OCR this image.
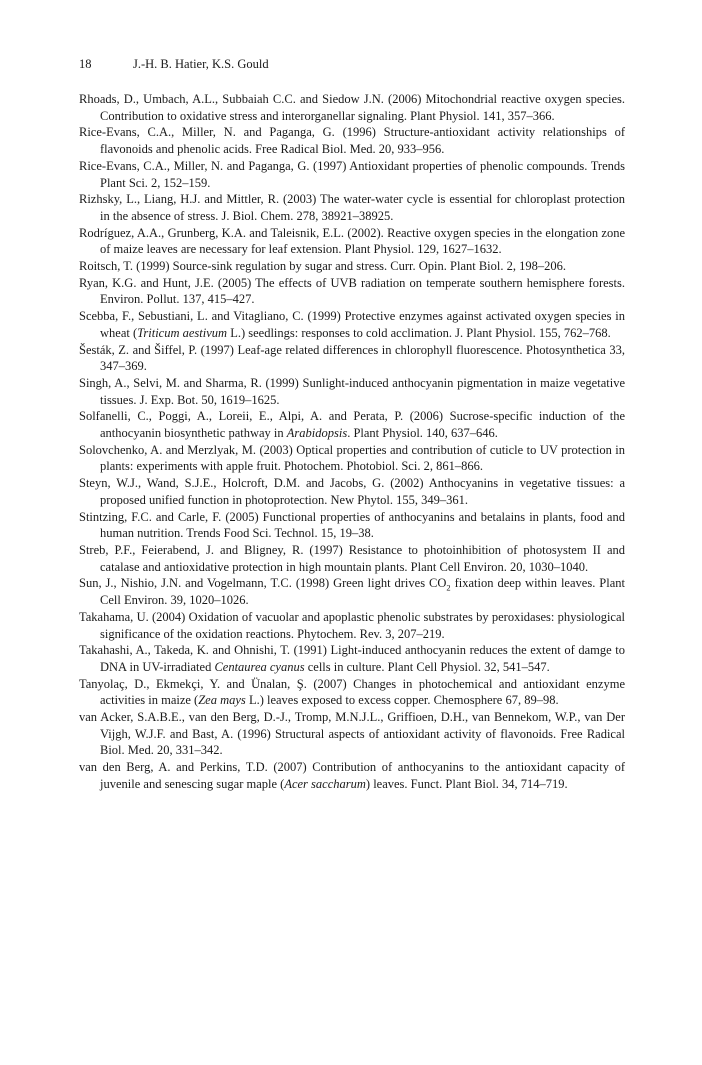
18	J.-H. B. Hatier, K.S. Gould
Rhoads, D., Umbach, A.L., Subbaiah C.C. and Siedow J.N. (2006) Mitochondrial reactive oxygen species. Contribution to oxidative stress and interorganellar signaling. Plant Physiol. 141, 357–366.
Rice-Evans, C.A., Miller, N. and Paganga, G. (1996) Structure-antioxidant activity relationships of flavonoids and phenolic acids. Free Radical Biol. Med. 20, 933–956.
Rice-Evans, C.A., Miller, N. and Paganga, G. (1997) Antioxidant properties of phenolic compounds. Trends Plant Sci. 2, 152–159.
Rizhsky, L., Liang, H.J. and Mittler, R. (2003) The water-water cycle is essential for chloroplast protection in the absence of stress. J. Biol. Chem. 278, 38921–38925.
Rodríguez, A.A., Grunberg, K.A. and Taleisnik, E.L. (2002). Reactive oxygen species in the elongation zone of maize leaves are necessary for leaf extension. Plant Physiol. 129, 1627–1632.
Roitsch, T. (1999) Source-sink regulation by sugar and stress. Curr. Opin. Plant Biol. 2, 198–206.
Ryan, K.G. and Hunt, J.E. (2005) The effects of UVB radiation on temperate southern hemisphere forests. Environ. Pollut. 137, 415–427.
Scebba, F., Sebustiani, L. and Vitagliano, C. (1999) Protective enzymes against activated oxygen species in wheat (Triticum aestivum L.) seedlings: responses to cold acclimation. J. Plant Physiol. 155, 762–768.
Šesták, Z. and Šiffel, P. (1997) Leaf-age related differences in chlorophyll fluorescence. Photosynthetica 33, 347–369.
Singh, A., Selvi, M. and Sharma, R. (1999) Sunlight-induced anthocyanin pigmentation in maize vegetative tissues. J. Exp. Bot. 50, 1619–1625.
Solfanelli, C., Poggi, A., Loreii, E., Alpi, A. and Perata, P. (2006) Sucrose-specific induction of the anthocyanin biosynthetic pathway in Arabidopsis. Plant Physiol. 140, 637–646.
Solovchenko, A. and Merzlyak, M. (2003) Optical properties and contribution of cuticle to UV protection in plants: experiments with apple fruit. Photochem. Photobiol. Sci. 2, 861–866.
Steyn, W.J., Wand, S.J.E., Holcroft, D.M. and Jacobs, G. (2002) Anthocyanins in vegetative tissues: a proposed unified function in photoprotection. New Phytol. 155, 349–361.
Stintzing, F.C. and Carle, F. (2005) Functional properties of anthocyanins and betalains in plants, food and human nutrition. Trends Food Sci. Technol. 15, 19–38.
Streb, P.F., Feierabend, J. and Bligney, R. (1997) Resistance to photoinhibition of photosystem II and catalase and antioxidative protection in high mountain plants. Plant Cell Environ. 20, 1030–1040.
Sun, J., Nishio, J.N. and Vogelmann, T.C. (1998) Green light drives $CO_2$ fixation deep within leaves. Plant Cell Environ. 39, 1020–1026.
Takahama, U. (2004) Oxidation of vacuolar and apoplastic phenolic substrates by peroxidases: physiological significance of the oxidation reactions. Phytochem. Rev. 3, 207–219.
Takahashi, A., Takeda, K. and Ohnishi, T. (1991) Light-induced anthocyanin reduces the extent of damge to DNA in UV-irradiated Centaurea cyanus cells in culture. Plant Cell Physiol. 32, 541–547.
Tanyolaç, D., Ekmekçi, Y. and Ünalan, Ş. (2007) Changes in photochemical and antioxidant enzyme activities in maize (Zea mays L.) leaves exposed to excess copper. Chemosphere 67, 89–98.
van Acker, S.A.B.E., van den Berg, D.-J., Tromp, M.N.J.L., Griffioen, D.H., van Bennekom, W.P., van Der Vijgh, W.J.F. and Bast, A. (1996) Structural aspects of antioxidant activity of flavonoids. Free Radical Biol. Med. 20, 331–342.
van den Berg, A. and Perkins, T.D. (2007) Contribution of anthocyanins to the antioxidant capacity of juvenile and senescing sugar maple (Acer saccharum) leaves. Funct. Plant Biol. 34, 714–719.
